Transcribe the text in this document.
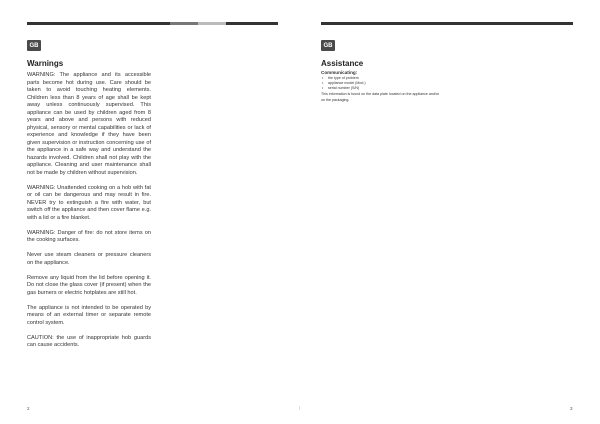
GB
Warnings

WARNING: The appliance and its accessible parts become hot during use. Care should be taken to avoid touching heating elements. Children less than 8 years of age shall be kept away unless continuously supervised. This appliance can be used by children aged from 8 years and above and persons with reduced physical, sensory or mental capabilities or lack of experience and knowledge if they have been given supervision or instruction concerning use of the appliance in a safe way and understand the hazards involved. Children shall not play with the appliance. Cleaning and user maintenance shall not be made by children without supervision.

WARNING: Unattended cooking on a hob with fat or oil can be dangerous and may result in fire. NEVER try to extinguish a fire with water, but switch off the appliance and then cover flame e.g. with a lid or a fire blanket.

WARNING: Danger of fire: do not store items on the cooking surfaces.

Never use steam cleaners or pressure cleaners on the appliance.

Remove any liquid from the lid before opening it. Do not close the glass cover (if present) when the gas burners or electric hotplates are still hot.

The appliance is not intended to be operated by means of an external timer or separate remote control system.

CAUTION: the use of inappropriate hob guards can cause accidents.

2
GB
Assistance
3
Communicating:
• the type of problem
• appliance model (Mod.)
• serial number (S/N)
This information is found on the data plate located on the appliance and/or
on the packaging.
